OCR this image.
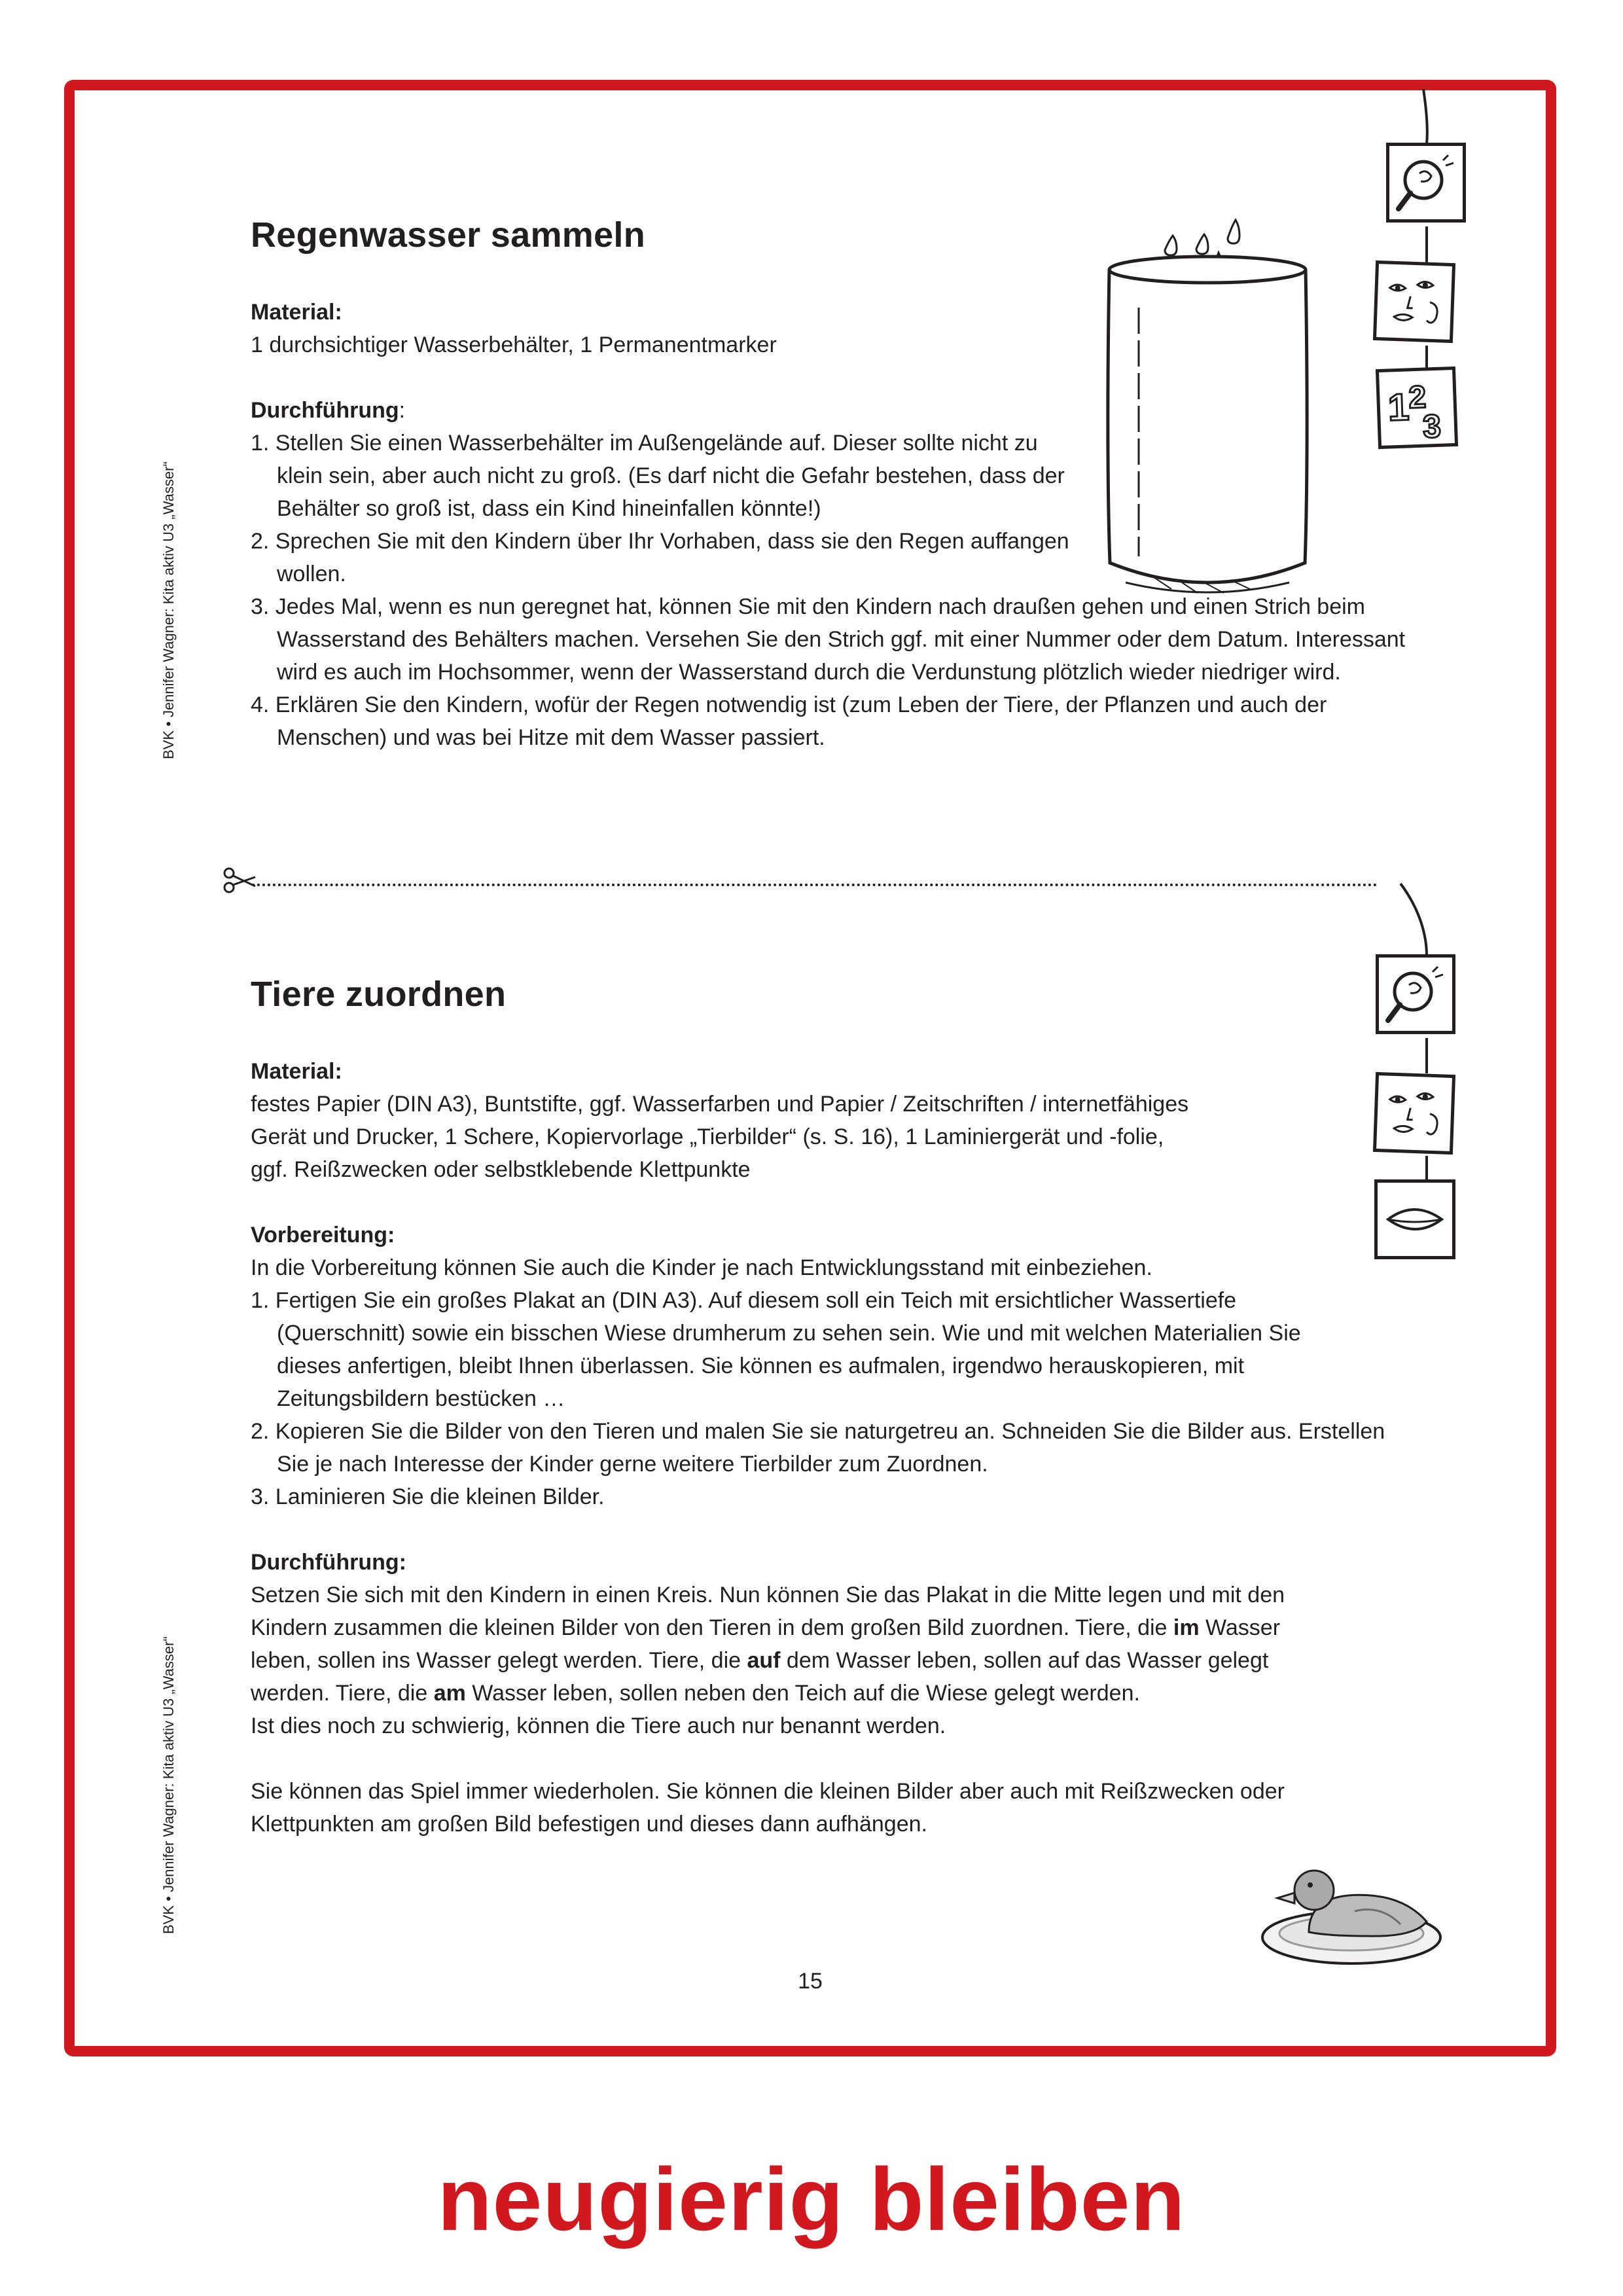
BVK • Jennifer Wagner: Kita aktiv U3 „Wasser“
BVK • Jennifer Wagner: Kita aktiv U3 „Wasser“
1
2
3
Regenwasser sammeln

Material:

1 durchsichtiger Wasserbehälter, 1 Permanentmarker

Durchführung:

1. Stellen Sie einen Wasserbehälter im Außengelände auf. Dieser sollte nicht zu klein sein, aber auch nicht zu groß. (Es darf nicht die Gefahr bestehen, dass der Behälter so groß ist, dass ein Kind hineinfallen könnte!)
2. Sprechen Sie mit den Kindern über Ihr Vorhaben, dass sie den Regen auffangen wollen.
3. Jedes Mal, wenn es nun geregnet hat, können Sie mit den Kindern nach draußen gehen und einen Strich beim Wasserstand des Behälters machen. Versehen Sie den Strich ggf. mit einer Nummer oder dem Datum. Interessant wird es auch im Hochsommer, wenn der Wasserstand durch die Verdunstung plötzlich wieder niedriger wird.
4. Erklären Sie den Kindern, wofür der Regen notwendig ist (zum Leben der Tiere, der Pflanzen und auch der Menschen) und was bei Hitze mit dem Wasser passiert.
Tiere zuordnen

Material:

festes Papier (DIN A3), Buntstifte, ggf. Wasserfarben und Papier / Zeitschriften / internetfähiges

Gerät und Drucker, 1 Schere, Kopiervorlage „Tierbilder“ (s. S. 16), 1 Laminiergerät und -folie,

ggf. Reißzwecken oder selbstklebende Klettpunkte

Vorbereitung:

In die Vorbereitung können Sie auch die Kinder je nach Entwicklungsstand mit einbeziehen.

1. Fertigen Sie ein großes Plakat an (DIN A3). Auf diesem soll ein Teich mit ersichtlicher Wassertiefe (Querschnitt) sowie ein bisschen Wiese drumherum zu sehen sein. Wie und mit welchen Materialien Sie dieses anfertigen, bleibt Ihnen überlassen. Sie können es aufmalen, irgendwo herauskopieren, mit Zeitungsbildern bestücken …
2. Kopieren Sie die Bilder von den Tieren und malen Sie sie naturgetreu an. Schneiden Sie die Bilder aus. Erstellen Sie je nach Interesse der Kinder gerne weitere Tierbilder zum Zuordnen.
3. Laminieren Sie die kleinen Bilder.

Durchführung:

Setzen Sie sich mit den Kindern in einen Kreis. Nun können Sie das Plakat in die Mitte legen und mit den Kindern zusammen die kleinen Bilder von den Tieren in dem großen Bild zuordnen. Tiere, die im Wasser leben, sollen ins Wasser gelegt werden. Tiere, die auf dem Wasser leben, sollen auf das Wasser gelegt werden. Tiere, die am Wasser leben, sollen neben den Teich auf die Wiese gelegt werden.

Ist dies noch zu schwierig, können die Tiere auch nur benannt werden.

Sie können das Spiel immer wiederholen. Sie können die kleinen Bilder aber auch mit Reißzwecken oder Klettpunkten am großen Bild befestigen und dieses dann aufhängen.

15
neugierig bleiben
